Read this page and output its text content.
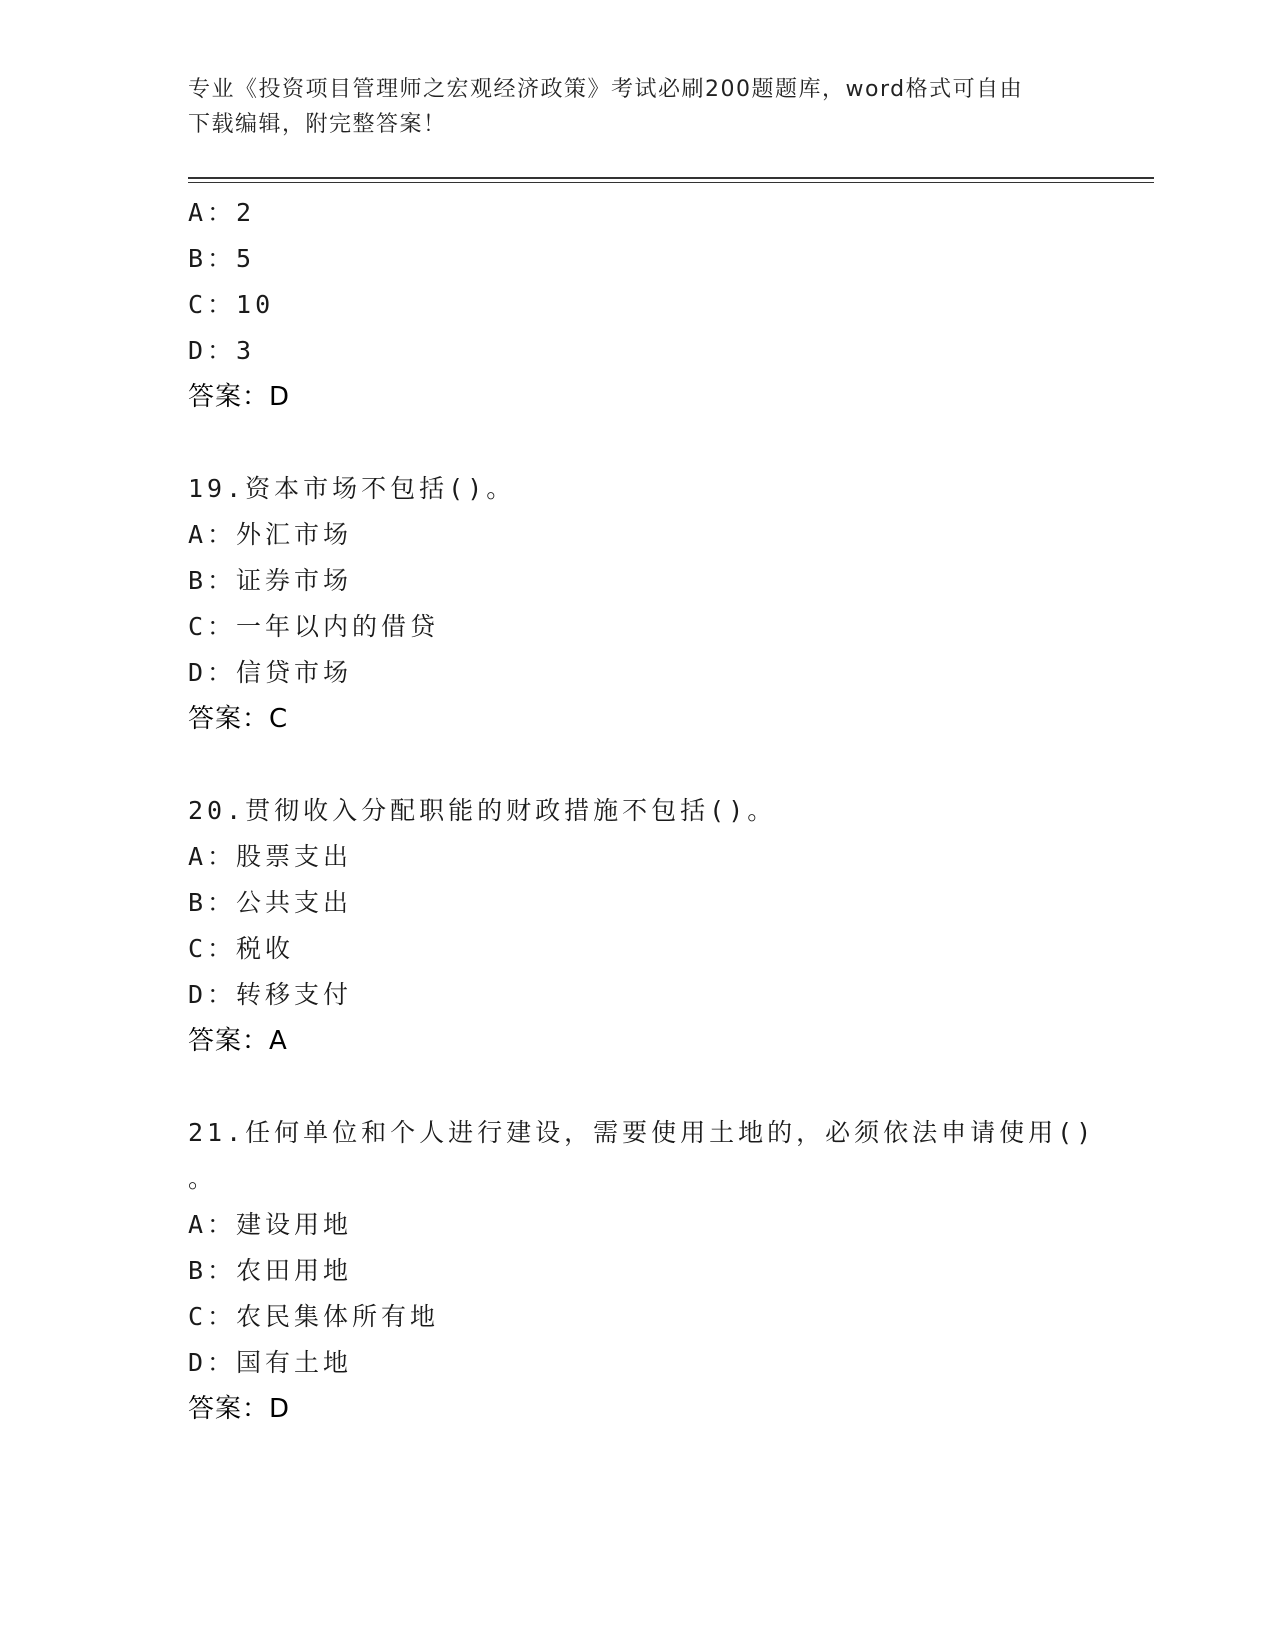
专业《投资项目管理师之宏观经济政策》考试必刷200题题库，word格式可自由
下载编辑，附完整答案！
A：2
B：5
C：10
D：3
答案：D
19.资本市场不包括()。
A：外汇市场
B：证券市场
C：一年以内的借贷
D：信贷市场
答案：C
20.贯彻收入分配职能的财政措施不包括()。
A：股票支出
B：公共支出
C：税收
D：转移支付
答案：A
21.任何单位和个人进行建设，需要使用土地的，必须依法申请使用()
。
A：建设用地
B：农田用地
C：农民集体所有地
D：国有土地
答案：D
